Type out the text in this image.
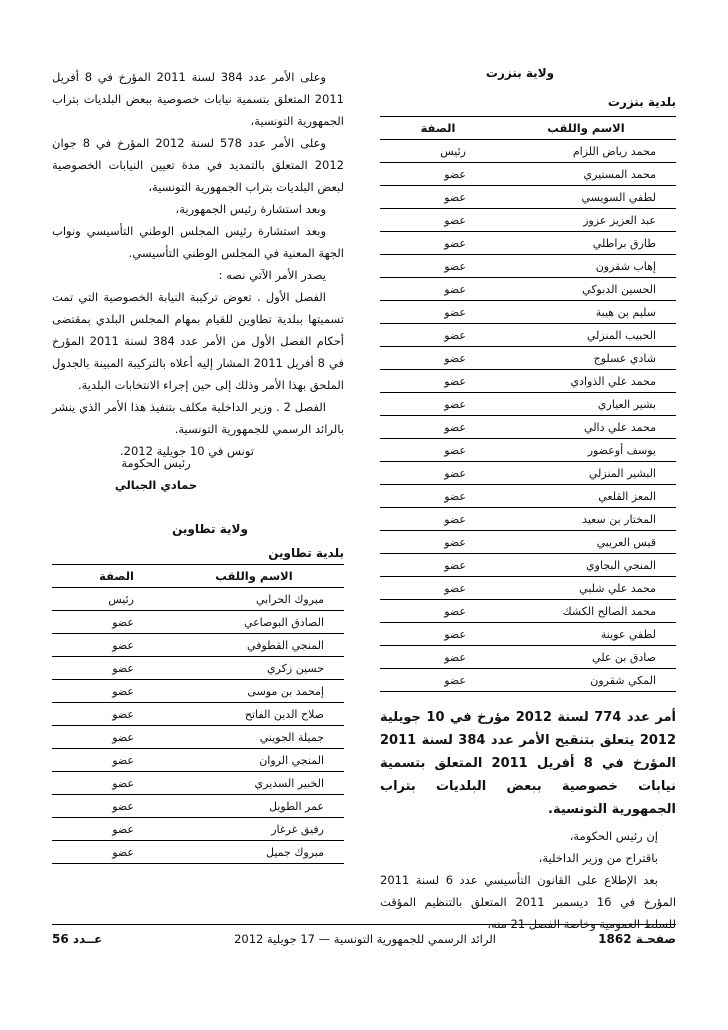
وعلى الأمر عدد 384 لسنة 2011 المؤرخ في 8 أفريل 2011 المتعلق بتسمية نيابات خصوصية ببعض البلديات بتراب الجمهورية التونسية،

وعلى الأمر عدد 578 لسنة 2012 المؤرخ في 8 جوان 2012 المتعلق بالتمديد في مدة تعيين النيابات الخصوصية لبعض البلديات بتراب الجمهورية التونسية،

وبعد استشارة رئيس الجمهورية،

وبعد استشارة رئيس المجلس الوطني التأسيسي ونواب الجهة المعنية في المجلس الوطني التأسيسي.

يصدر الأمر الآتي نصه :

الفصل الأول . تعوض تركيبة النيابة الخصوصية التي تمت تسميتها ببلدية تطاوين للقيام بمهام المجلس البلدي بمقتضى أحكام الفصل الأول من الأمر عدد 384 لسنة 2011 المؤرخ في 8 أفريل 2011 المشار إليه أعلاه بالتركيبة المبينة بالجدول الملحق بهذا الأمر وذلك إلى حين إجراء الانتخابات البلدية.

الفصل 2 . وزير الداخلية مكلف بتنفيذ هذا الأمر الذي ينشر بالرائد الرسمي للجمهورية التونسية.

تونس في 10 جويلية 2012.

رئيس الحكومة
حمادي الجبالي
ولاية تطاوين
بلدية تطاوين
الاسم واللقب	الصفة
مبروك الحرابي	رئيس
الصادق البوصاعي	عضو
المنجي القطوفي	عضو
حسين زكري	عضو
إمحمد بن موسى	عضو
صلاح الدين الفاتح	عضو
جميلة الجويني	عضو
المنجي الروان	عضو
الخبير السديري	عضو
عمر الطويل	عضو
رفيق غرغار	عضو
مبروك جميل	عضو
ولاية بنزرت
بلدية بنزرت
الاسم واللقب	الصفة
محمد رياض اللزام	رئيس
محمد المستيري	عضو
لطفي السويسي	عضو
عبد العزيز عزوز	عضو
طارق براطلي	عضو
إهاب شقرون	عضو
الحسين الدبوكي	عضو
سليم بن هيبة	عضو
الحبيب المنزلي	عضو
شادي عسلوج	عضو
محمد علي الذوادي	عضو
بشير العياري	عضو
محمد علي دالي	عضو
يوسف أوعضور	عضو
البشير المنزلي	عضو
المعز القلعي	عضو
المختار بن سعيد	عضو
قيس العريبي	عضو
المنجي البجاوي	عضو
محمد علي شلبي	عضو
محمد الصالح الكشك	عضو
لطفي عوينة	عضو
صادق بن علي	عضو
المكي شقرون	عضو

أمر عدد 774 لسنة 2012 مؤرخ في 10 جويلية 2012 يتعلق بتنقيح الأمر عدد 384 لسنة 2011 المؤرخ في 8 أفريل 2011 المتعلق بتسمية نيابات خصوصية ببعض البلديات بتراب الجمهورية التونسية.

إن رئيس الحكومة،

باقتراح من وزير الداخلية،

بعد الإطلاع على القانون التأسيسي عدد 6 لسنة 2011 المؤرخ في 16 ديسمبر 2011 المتعلق بالتنظيم المؤقت للسلط العمومية وخاصة الفصل 21 منه،

صفحـة 1862
الرائد الرسمي للجمهورية التونسية — 17 جويلية 2012
عــدد 56
